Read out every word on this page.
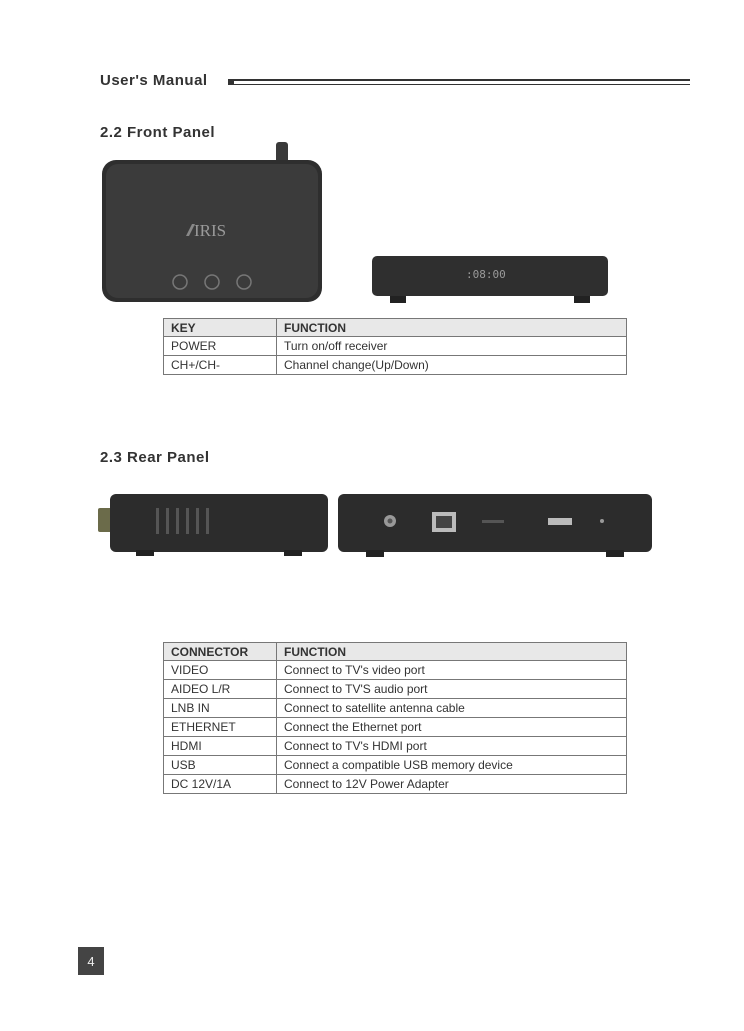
User's Manual
2.2 Front Panel
IRIS
:08:00
KEY	FUNCTION
POWER	Turn on/off receiver
CH+/CH-	Channel change(Up/Down)
2.3 Rear Panel
CONNECTOR	FUNCTION
VIDEO	Connect to TV's video port
AIDEO L/R	Connect to TV'S audio port
LNB IN	Connect to satellite antenna cable
ETHERNET	Connect the Ethernet port
HDMI	Connect to TV's HDMI port
USB	Connect a compatible USB memory device
DC 12V/1A	Connect to 12V Power Adapter
4
